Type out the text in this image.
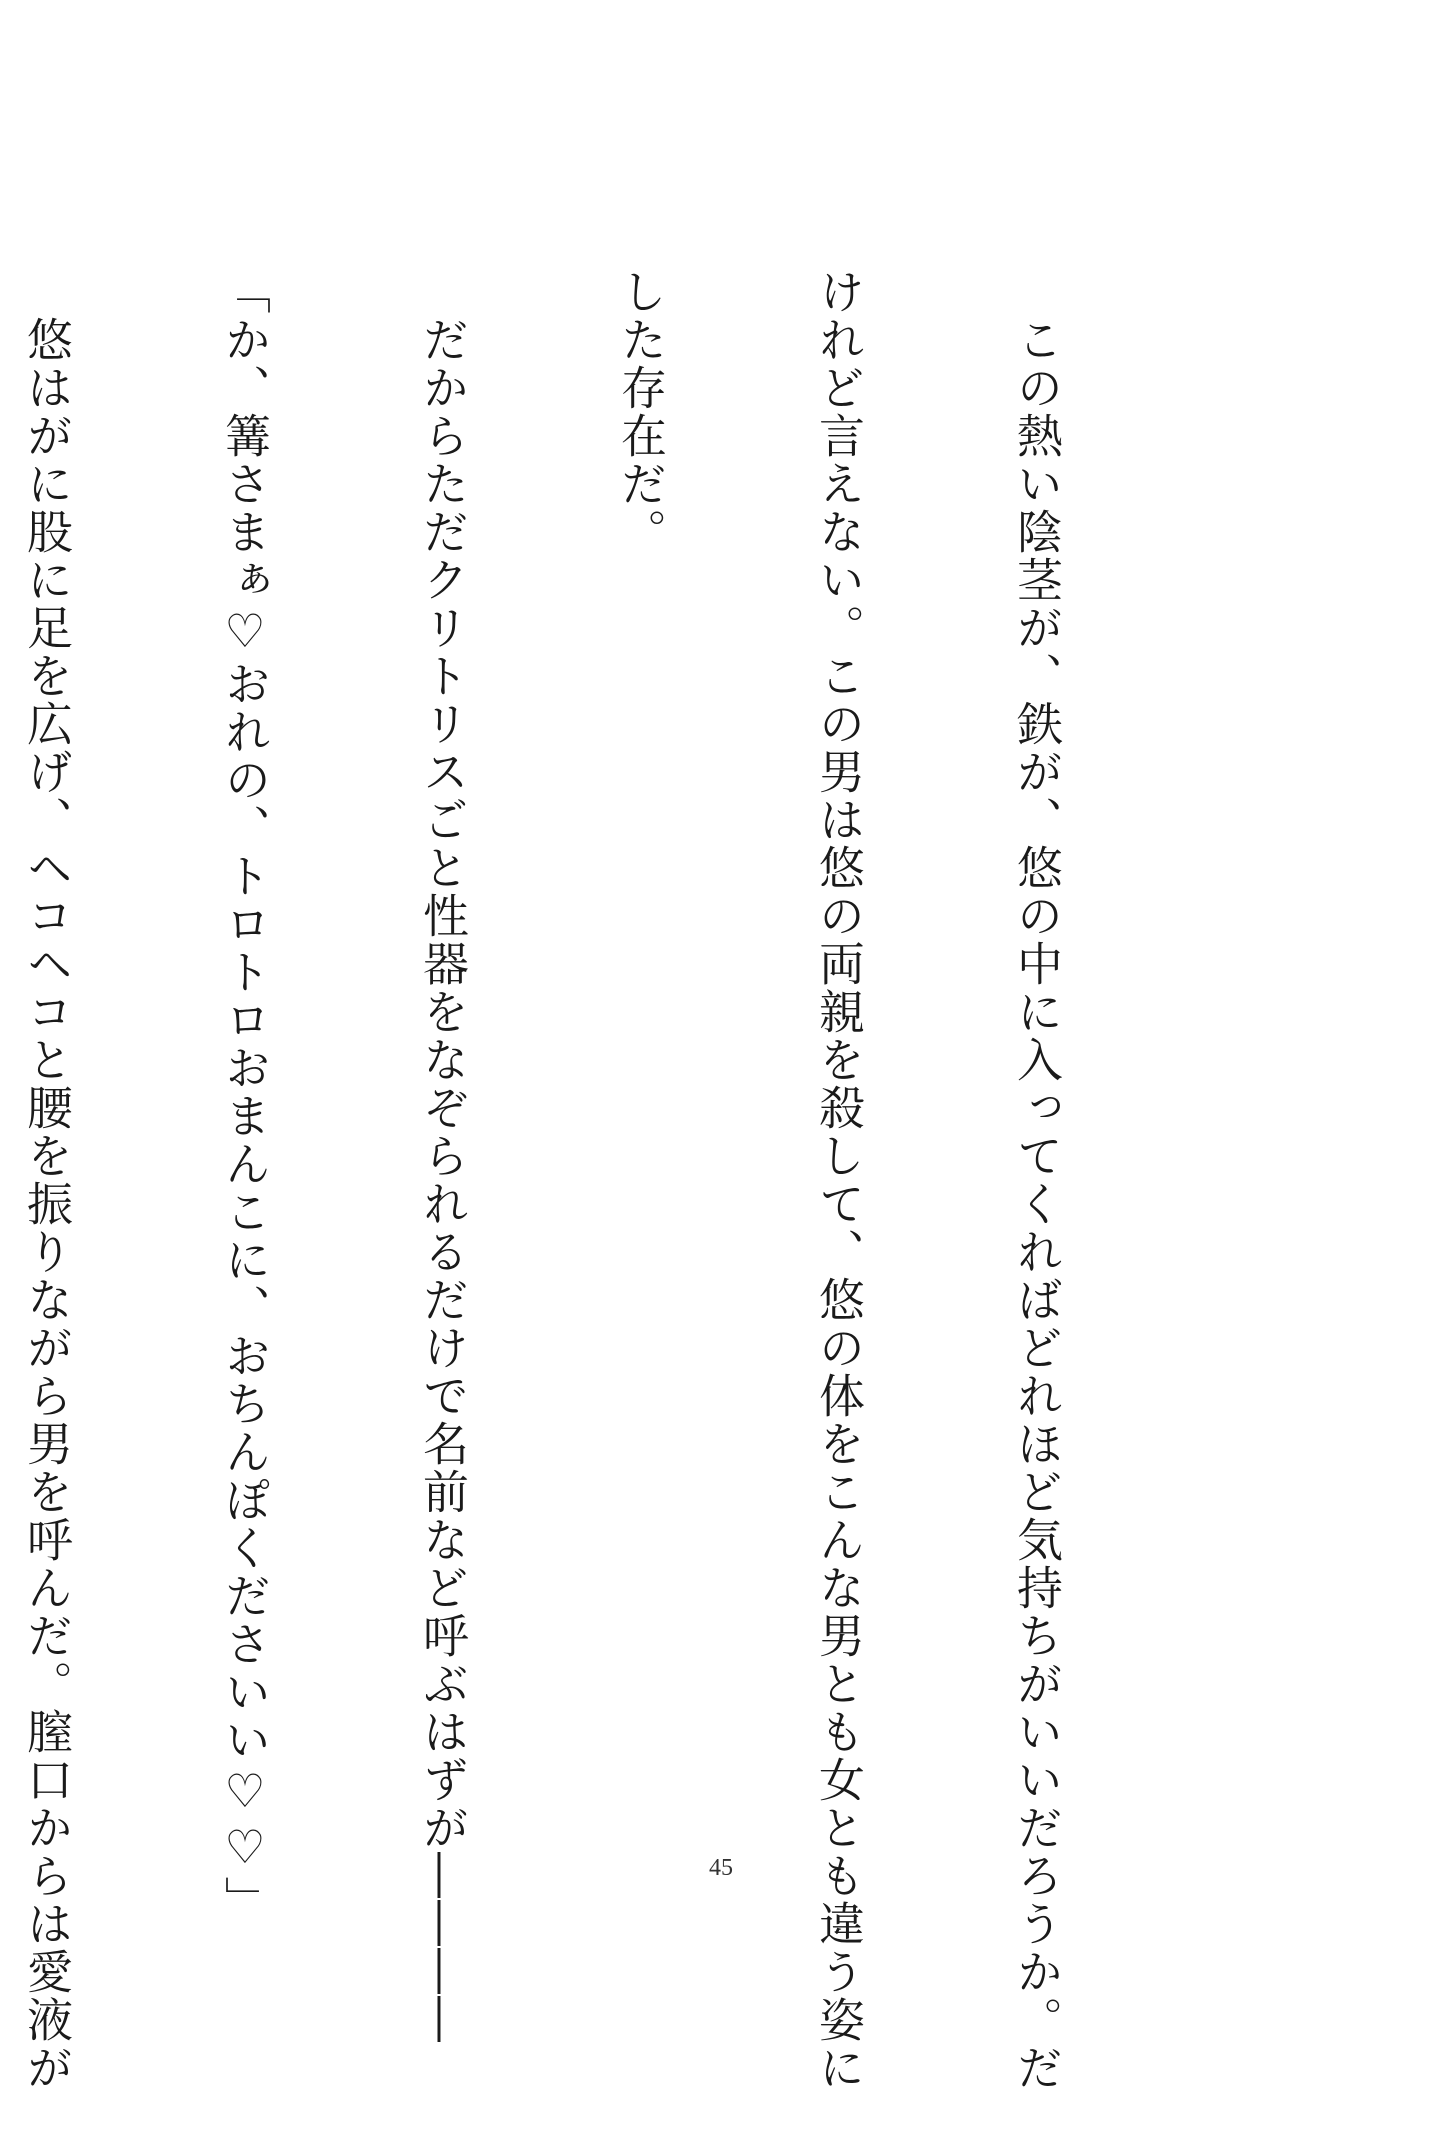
　この熱い陰茎が、鉄が、悠の中に入ってくればどれほど気持ちがいいだろうか。だ

けれど言えない。この男は悠の両親を殺して、悠の体をこんな男とも女とも違う姿に

した存在だ。

　だからただクリトリスごと性器をなぞられるだけで名前など呼ぶはずが――――

「か、篝さまぁ♡おれの、トロトロおまんこに、おちんぽくださいい♡♡」

　悠はがに股に足を広げ、ヘコヘコと腰を振りながら男を呼んだ。膣口からは愛液が

	45
